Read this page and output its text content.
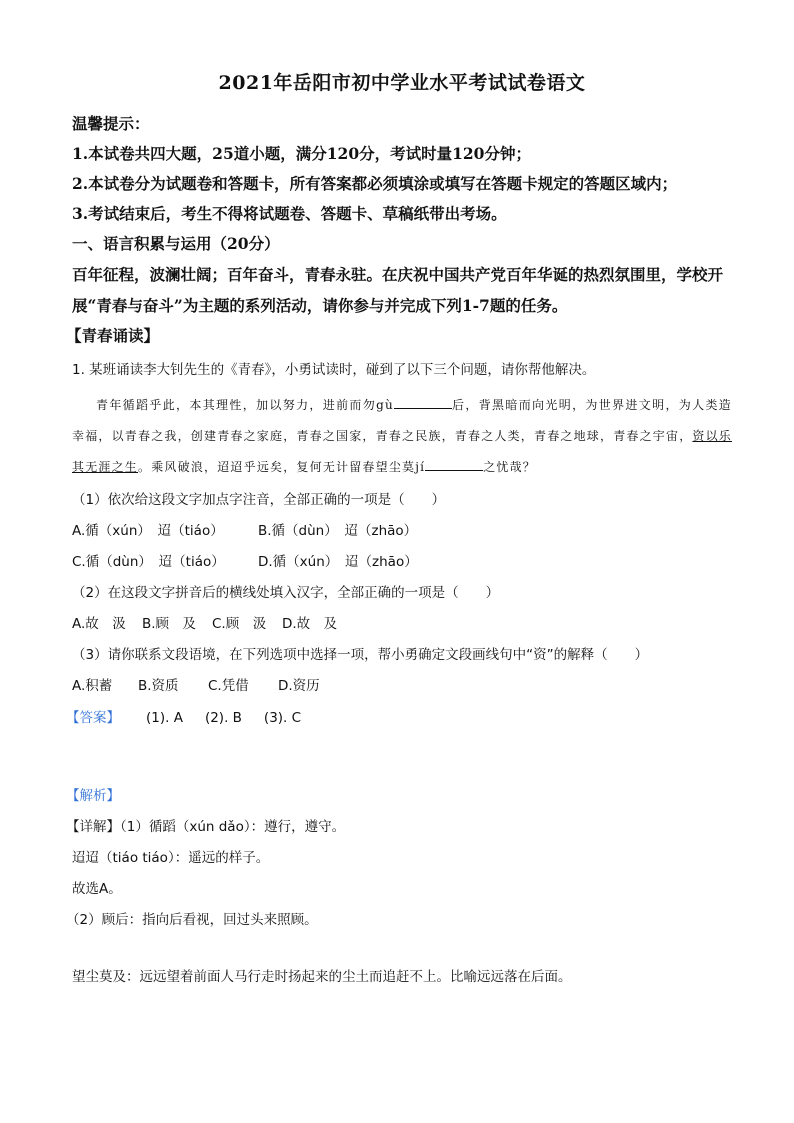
2021年岳阳市初中学业水平考试试卷语文
温馨提示：
1.本试卷共四大题，25道小题，满分120分，考试时量120分钟；
2.本试卷分为试题卷和答题卡，所有答案都必须填涂或填写在答题卡规定的答题区域内；
3.考试结束后，考生不得将试题卷、答题卡、草稿纸带出考场。
一、语言积累与运用（20分）
百年征程，波澜壮阔；百年奋斗，青春永驻。在庆祝中国共产党百年华诞的热烈氛围里，学校开展“青春与奋斗”为主题的系列活动，请你参与并完成下列1-7题的任务。
【青春诵读】
1. 某班诵读李大钊先生的《青春》，小勇试读时，碰到了以下三个问题，请你帮他解决。
青年循蹈乎此，本其理性，加以努力，进前而勿gù	后，背黑暗而向光明，为世界进文明，为人类造幸福，以青春之我，创建青春之家庭，青春之国家，青春之民族，青春之人类，青春之地球，青春之宇宙，资以乐其无涯之生。乘风破浪，迢迢乎远矣，复何无计留春望尘莫jí	之忧哉？
（1）依次给这段文字加点字注音，全部正确的一项是（　　）
A.循（xún）　迢（tiáo）	B.循（dùn）　迢（zhāo）
C.循（dùn）　迢（tiáo） D.循（xún）　迢（zhāo）
（2）在这段文字拼音后的横线处填入汉字，全部正确的一项是（　　）
A.故　汲 B.顾　及 C.顾　汲 D.故　及
（3）请你联系文段语境，在下列选项中选择一项，帮小勇确定文段画线句中“资”的解释（　　）
A.积蓄 B.资质 C.凭借 D.资历
【答案】 (1). A (2). B (3). C
【解析】
【详解】（1）循蹈（xún dǎo）：遵行，遵守。
迢迢（tiáo tiáo）：遥远的样子。
故选A。
（2）顾后：指向后看视，回过头来照顾。
望尘莫及：远远望着前面人马行走时扬起来的尘土而追赶不上。比喻远远落在后面。
